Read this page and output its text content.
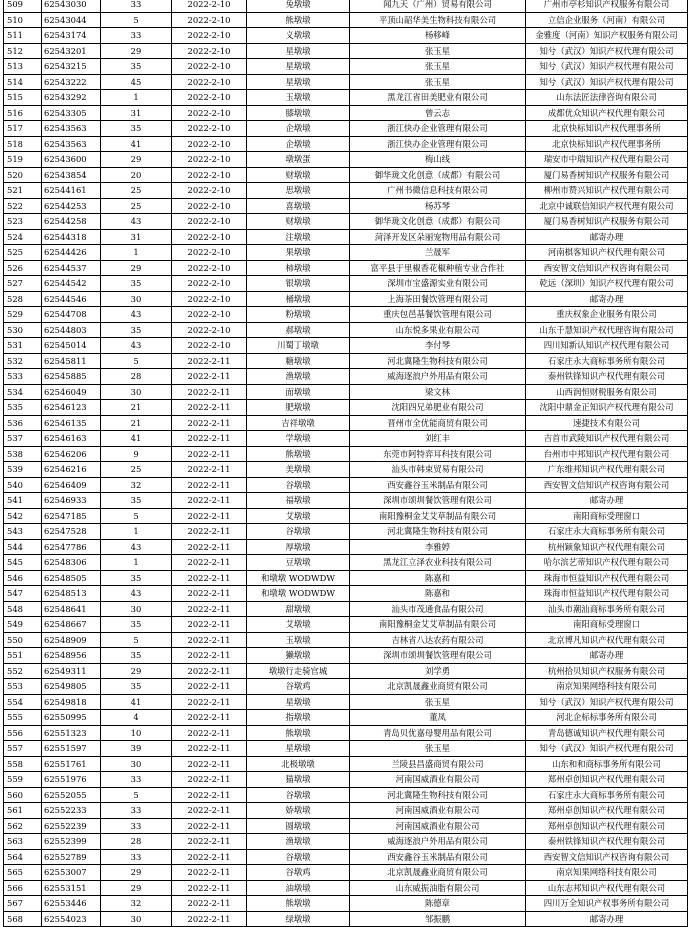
509	62543030	33	2022-2-10	兔墩墩	闻九天（广州）贸易有限公司	广州市亭杉知识产权服务有限公司
510	62543044	5	2022-2-10	熊墩墩	平顶山韶华美生物科技有限公司	立信企业服务（河南）有限公司
511	62543174	33	2022-2-10	义墩墩	杨移峰	金雅度（河南）知识产权服务有限公司
512	62543201	29	2022-2-10	星墩墩	张玉星	知兮（武汉）知识产权代理有限公司
513	62543215	35	2022-2-10	星墩墩	张玉星	知兮（武汉）知识产权代理有限公司
514	62543222	45	2022-2-10	星墩墩	张玉星	知兮（武汉）知识产权代理有限公司
515	62543292	1	2022-2-10	玉墩墩	黑龙江省田美肥业有限公司	山东法匠法律咨询有限公司
516	62543305	31	2022-2-10	膝墩墩	曾云志	成都优众知识产权代理有限公司
517	62543563	35	2022-2-10	企墩墩	浙江快办企业管理有限公司	北京快标知识产权代理事务所
518	62543563	41	2022-2-10	企墩墩	浙江快办企业管理有限公司	北京快标知识产权代理事务所
519	62543600	29	2022-2-10	墩墩蛋	梅山线	瑞安市中瑞知识产权代理有限公司
520	62543854	20	2022-2-10	财墩墩	御华珑文化创意（成都）有限公司	厦门易香树知识产权服务有限公司
521	62544161	25	2022-2-10	思墩墩	广州书微信息科技有限公司	柳州市赞兴知识产权代理有限公司
522	62544253	25	2022-2-10	喜墩墩	杨苏琴	北京中诚联信知识产权代理有限公司
523	62544258	43	2022-2-10	财墩墩	御华珑文化创意（成都）有限公司	厦门易香树知识产权服务有限公司
524	62544318	31	2022-2-10	注墩墩	菏泽开发区朵丽宠物用品有限公司	邮寄办理
525	62544426	1	2022-2-10	果墩墩	兰晟军	河南棋客知识产权代理有限公司
526	62544537	29	2022-2-10	柿墩墩	富平县于里椒香花椒种植专业合作社	西安智文信知识产权咨询有限公司
527	62544542	35	2022-2-10	银墩墩	深圳市宝盛源实业有限公司	乾远（深圳）知识产权代理有限公司
528	62544546	30	2022-2-10	桶墩墩	上海茶田餐饮管理有限公司	邮寄办理
529	62544708	43	2022-2-10	粉墩墩	重庆包邑基餐饮管理有限公司	重庆权象企业服务有限公司
530	62544803	35	2022-2-10	郝墩墩	山东悦多果业有限公司	山东千慧知识产权代理咨询有限公司
531	62545014	43	2022-2-10	川蜀丁墩墩	李付琴	四川知新认知识产权代理有限公司
532	62545811	5	2022-2-11	糖墩墩	河北冀隆生物科技有限公司	石家庄永大商标事务所有限公司
533	62545885	28	2022-2-11	渔墩墩	威海逐浪户外用品有限公司	泰州铁锋知识产权代理有限公司
534	62546049	30	2022-2-11	面墩墩	梁文林	山西润恒财税服务有限公司
535	62546123	21	2022-2-11	肥墩墩	沈阳四兄弟肥业有限公司	沈阳中鼎金正知识产权代理有限公司
536	62546135	21	2022-2-11	吉祥墩墩	晋州市全优能商贸有限公司	速捷技术有限公司
537	62546163	41	2022-2-11	学墩墩	刘红丰	吉首市武陵知识产权代理有限公司
538	62546206	9	2022-2-11	熊墩墩	东莞市阿特弈耳科技有限公司	台州市中邦知识产权代理有限公司
539	62546216	25	2022-2-11	美墩墩	汕头市韩束贸易有限公司	广东维邦知识产权代理有限公司
540	62546409	32	2022-2-11	谷墩墩	西安鑫谷玉米制品有限公司	西安智文信知识产权咨询有限公司
541	62546933	35	2022-2-11	福墩墩	深圳市颂圳餐饮管理有限公司	邮寄办理
542	62547185	5	2022-2-11	艾墩墩	南阳豫桐金艾艾草制品有限公司	南阳商标受理窗口
543	62547528	1	2022-2-11	谷墩墩	河北冀隆生物科技有限公司	石家庄永大商标事务所有限公司
544	62547786	43	2022-2-11	厚墩墩	李雅婷	杭州颖象知识产权代理有限公司
545	62548306	1	2022-2-11	豆墩墩	黑龙江立泽农业科技有限公司	哈尔滨艺蒂知识产权代理有限公司
546	62548505	35	2022-2-11	和墩墩 WODWDW	陈嘉和	珠海市恒益知识产权代理有限公司
547	62548513	43	2022-2-11	和墩墩 WODWDW	陈嘉和	珠海市恒益知识产权代理有限公司
548	62548641	30	2022-2-11	甜墩墩	汕头市茂通食品有限公司	汕头市潮汕商标事务所有限公司
549	62548667	35	2022-2-11	艾墩墩	南阳豫桐金艾艾草制品有限公司	南阳商标受理窗口
550	62548909	5	2022-2-11	玉墩墩	吉林省八达农药有限公司	北京博凡知识产权代理有限公司
551	62548956	35	2022-2-11	獭墩墩	深圳市颂圳餐饮管理有限公司	邮寄办理
552	62549311	29	2022-2-11	墩墩行走骑官城	刘学勇	杭州拾贝知识产权服务有限公司
553	62549805	35	2022-2-11	谷墩鸡	北京凯晟鑫业商贸有限公司	南京知果网络科技有限公司
554	62549818	41	2022-2-11	星墩墩	张玉星	知兮（武汉）知识产权代理有限公司
555	62550995	4	2022-2-11	指墩墩	董凤	河北企标标事务所有限公司
556	62551323	10	2022-2-11	熊墩墩	青岛贝优嘉母婴用品有限公司	青岛德诚知识产权代理有限公司
557	62551597	39	2022-2-11	星墩墩	张玉星	知兮（武汉）知识产权代理有限公司
558	62551761	30	2022-2-11	北极墩墩	兰陵县昌盛商贸有限公司	山东和和商标事务所有限公司
559	62551976	33	2022-2-11	猫墩墩	河南国威酒业有限公司	郑州卓创知识产权代理有限公司
560	62552055	5	2022-2-11	谷墩墩	河北冀隆生物科技有限公司	石家庄永大商标事务所有限公司
561	62552233	33	2022-2-11	娇墩墩	河南国威酒业有限公司	郑州卓创知识产权代理有限公司
562	62552239	33	2022-2-11	圆墩墩	河南国威酒业有限公司	郑州卓创知识产权代理有限公司
563	62552399	28	2022-2-11	渔墩墩	威海逐浪户外用品有限公司	泰州铁锋知识产权代理有限公司
564	62552789	33	2022-2-11	谷墩墩	西安鑫谷玉米制品有限公司	西安智文信知识产权咨询有限公司
565	62553007	29	2022-2-11	谷墩鸡	北京凯晟鑫业商贸有限公司	南京知果网络科技有限公司
566	62553151	29	2022-2-11	油墩墩	山东威振油脂有限公司	山东志邦知识产权代理有限公司
567	62553446	32	2022-2-11	熊墩墩	陈德章	四川万全知识产权事务所有限公司
568	62554023	30	2022-2-11	绿墩墩	邹振鹏	邮寄办理
